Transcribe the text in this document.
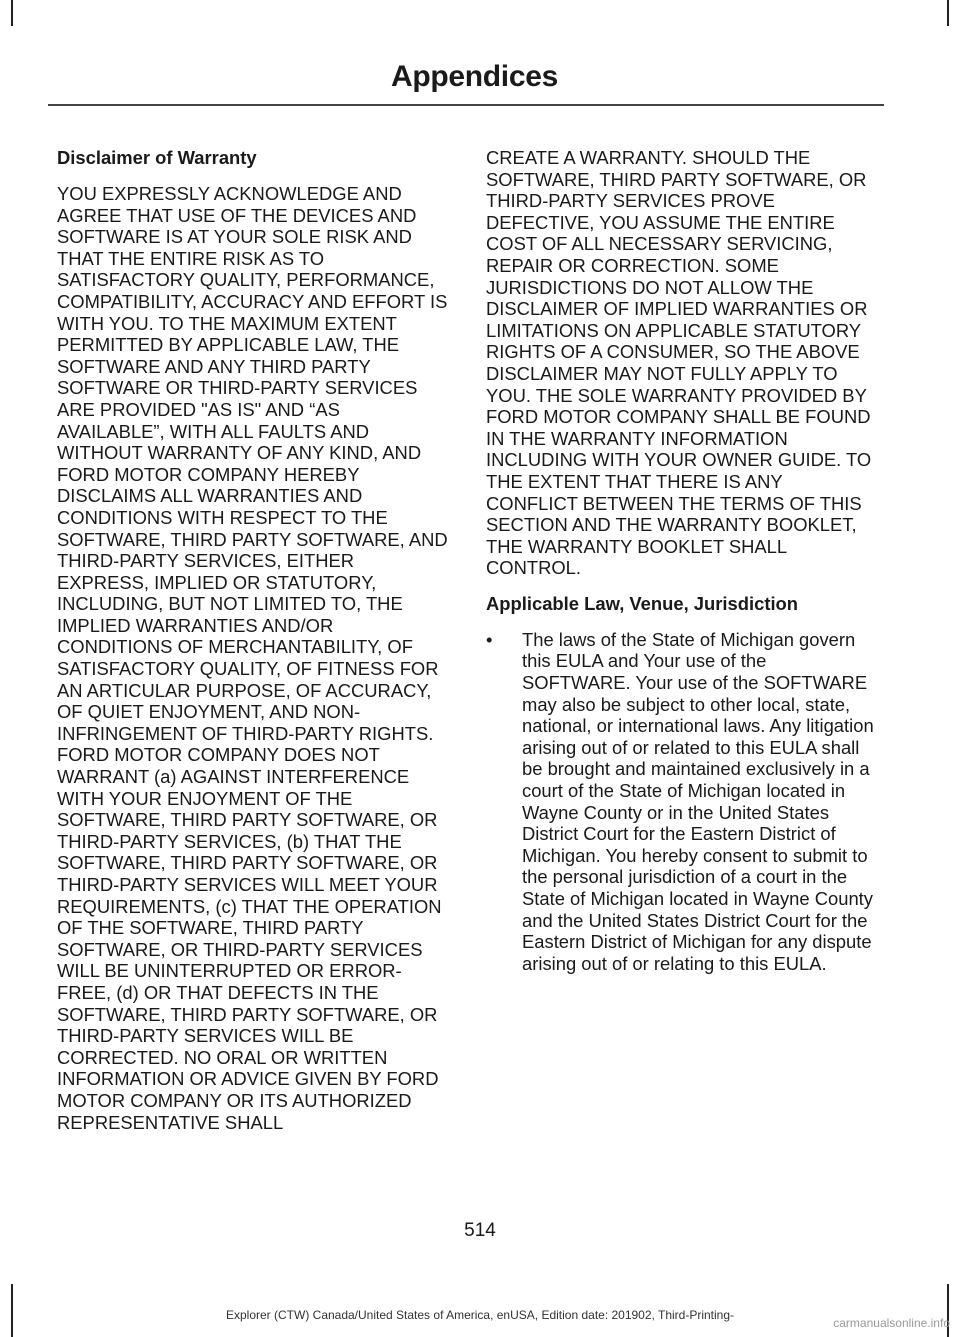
Appendices
Disclaimer of Warranty

YOU EXPRESSLY ACKNOWLEDGE AND AGREE THAT USE OF THE DEVICES AND SOFTWARE IS AT YOUR SOLE RISK AND THAT THE ENTIRE RISK AS TO SATISFACTORY QUALITY, PERFORMANCE, COMPATIBILITY, ACCURACY AND EFFORT IS WITH YOU. TO THE MAXIMUM EXTENT PERMITTED BY APPLICABLE LAW, THE SOFTWARE AND ANY THIRD PARTY SOFTWARE OR THIRD-PARTY SERVICES ARE PROVIDED "AS IS" AND “AS AVAILABLE”, WITH ALL FAULTS AND WITHOUT WARRANTY OF ANY KIND, AND FORD MOTOR COMPANY HEREBY DISCLAIMS ALL WARRANTIES AND CONDITIONS WITH RESPECT TO THE SOFTWARE, THIRD PARTY SOFTWARE, AND THIRD-PARTY SERVICES, EITHER EXPRESS, IMPLIED OR STATUTORY, INCLUDING, BUT NOT LIMITED TO, THE IMPLIED WARRANTIES AND/OR CONDITIONS OF MERCHANTABILITY, OF SATISFACTORY QUALITY, OF FITNESS FOR AN ARTICULAR PURPOSE, OF ACCURACY, OF QUIET ENJOYMENT, AND NON-INFRINGEMENT OF THIRD-PARTY RIGHTS. FORD MOTOR COMPANY DOES NOT WARRANT (a) AGAINST INTERFERENCE WITH YOUR ENJOYMENT OF THE SOFTWARE, THIRD PARTY SOFTWARE, OR THIRD-PARTY SERVICES, (b) THAT THE SOFTWARE, THIRD PARTY SOFTWARE, OR THIRD-PARTY SERVICES WILL MEET YOUR REQUIREMENTS, (c) THAT THE OPERATION OF THE SOFTWARE, THIRD PARTY SOFTWARE, OR THIRD-PARTY SERVICES WILL BE UNINTERRUPTED OR ERROR-FREE, (d) OR THAT DEFECTS IN THE SOFTWARE, THIRD PARTY SOFTWARE, OR THIRD-PARTY SERVICES WILL BE CORRECTED. NO ORAL OR WRITTEN INFORMATION OR ADVICE GIVEN BY FORD MOTOR COMPANY OR ITS AUTHORIZED REPRESENTATIVE SHALL

CREATE A WARRANTY. SHOULD THE SOFTWARE, THIRD PARTY SOFTWARE, OR THIRD-PARTY SERVICES PROVE DEFECTIVE, YOU ASSUME THE ENTIRE COST OF ALL NECESSARY SERVICING, REPAIR OR CORRECTION. SOME JURISDICTIONS DO NOT ALLOW THE DISCLAIMER OF IMPLIED WARRANTIES OR LIMITATIONS ON APPLICABLE STATUTORY RIGHTS OF A CONSUMER, SO THE ABOVE DISCLAIMER MAY NOT FULLY APPLY TO YOU. THE SOLE WARRANTY PROVIDED BY FORD MOTOR COMPANY SHALL BE FOUND IN THE WARRANTY INFORMATION INCLUDING WITH YOUR OWNER GUIDE. TO THE EXTENT THAT THERE IS ANY CONFLICT BETWEEN THE TERMS OF THIS SECTION AND THE WARRANTY BOOKLET, THE WARRANTY BOOKLET SHALL CONTROL.

Applicable Law, Venue, Jurisdiction
• The laws of the State of Michigan govern this EULA and Your use of the SOFTWARE. Your use of the SOFTWARE may also be subject to other local, state, national, or international laws. Any litigation arising out of or related to this EULA shall be brought and maintained exclusively in a court of the State of Michigan located in Wayne County or in the United States District Court for the Eastern District of Michigan. You hereby consent to submit to the personal jurisdiction of a court in the State of Michigan located in Wayne County and the United States District Court for the Eastern District of Michigan for any dispute arising out of or relating to this EULA.
514
Explorer (CTW) Canada/United States of America, enUSA, Edition date: 201902, Third-Printing-
carmanualsonline.info
